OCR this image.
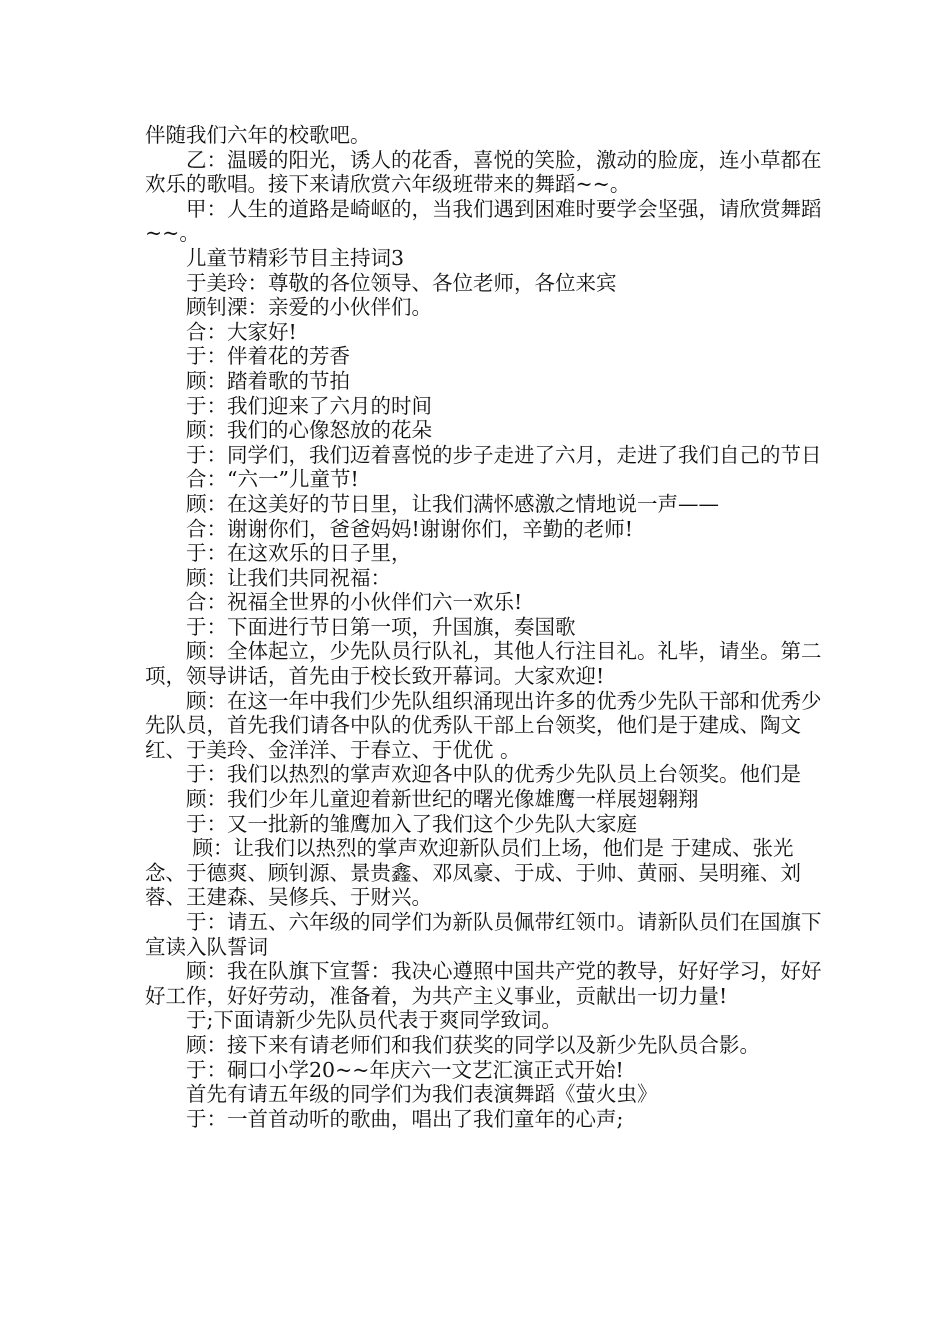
伴随我们六年的校歌吧。

乙：温暖的阳光，诱人的花香，喜悦的笑脸，激动的脸庞，连小草都在欢乐的歌唱。接下来请欣赏六年级班带来的舞蹈~~。

甲：人生的道路是崎岖的，当我们遇到困难时要学会坚强，请欣赏舞蹈~~。

儿童节精彩节目主持词3

于美玲：尊敬的各位领导、各位老师，各位来宾

顾钊溧：亲爱的小伙伴们。

合：大家好!

于：伴着花的芳香

顾：踏着歌的节拍

于：我们迎来了六月的时间

顾：我们的心像怒放的花朵

于：同学们，我们迈着喜悦的步子走进了六月，走进了我们自己的节日

合：“六一”儿童节!

顾：在这美好的节日里，让我们满怀感激之情地说一声——

合：谢谢你们，爸爸妈妈!谢谢你们，辛勤的老师!

于：在这欢乐的日子里，

顾：让我们共同祝福：

合：祝福全世界的小伙伴们六一欢乐!

于：下面进行节日第一项，升国旗，奏国歌

顾：全体起立，少先队员行队礼，其他人行注目礼。礼毕，请坐。第二项，领导讲话，首先由于校长致开幕词。大家欢迎!

顾：在这一年中我们少先队组织涌现出许多的优秀少先队干部和优秀少先队员，首先我们请各中队的优秀队干部上台领奖，他们是于建成、陶文红、于美玲、金洋洋、于春立、于优优 。

于：我们以热烈的掌声欢迎各中队的优秀少先队员上台领奖。他们是

顾：我们少年儿童迎着新世纪的曙光像雄鹰一样展翅翱翔

于：又一批新的雏鹰加入了我们这个少先队大家庭

顾：让我们以热烈的掌声欢迎新队员们上场，他们是 于建成、张光念、于德爽、顾钊源、景贵鑫、邓凤豪、于成、于帅、黄丽、吴明雍、刘蓉、王建森、吴修兵、于财兴。

于：请五、六年级的同学们为新队员佩带红领巾。请新队员们在国旗下宣读入队誓词

顾：我在队旗下宣誓：我决心遵照中国共产党的教导，好好学习，好好好工作，好好劳动，准备着，为共产主义事业，贡献出一切力量!

于;下面请新少先队员代表于爽同学致词。

顾：接下来有请老师们和我们获奖的同学以及新少先队员合影。

于：硐口小学20~~年庆六一文艺汇演正式开始!

首先有请五年级的同学们为我们表演舞蹈《萤火虫》

于：一首首动听的歌曲，唱出了我们童年的心声;
